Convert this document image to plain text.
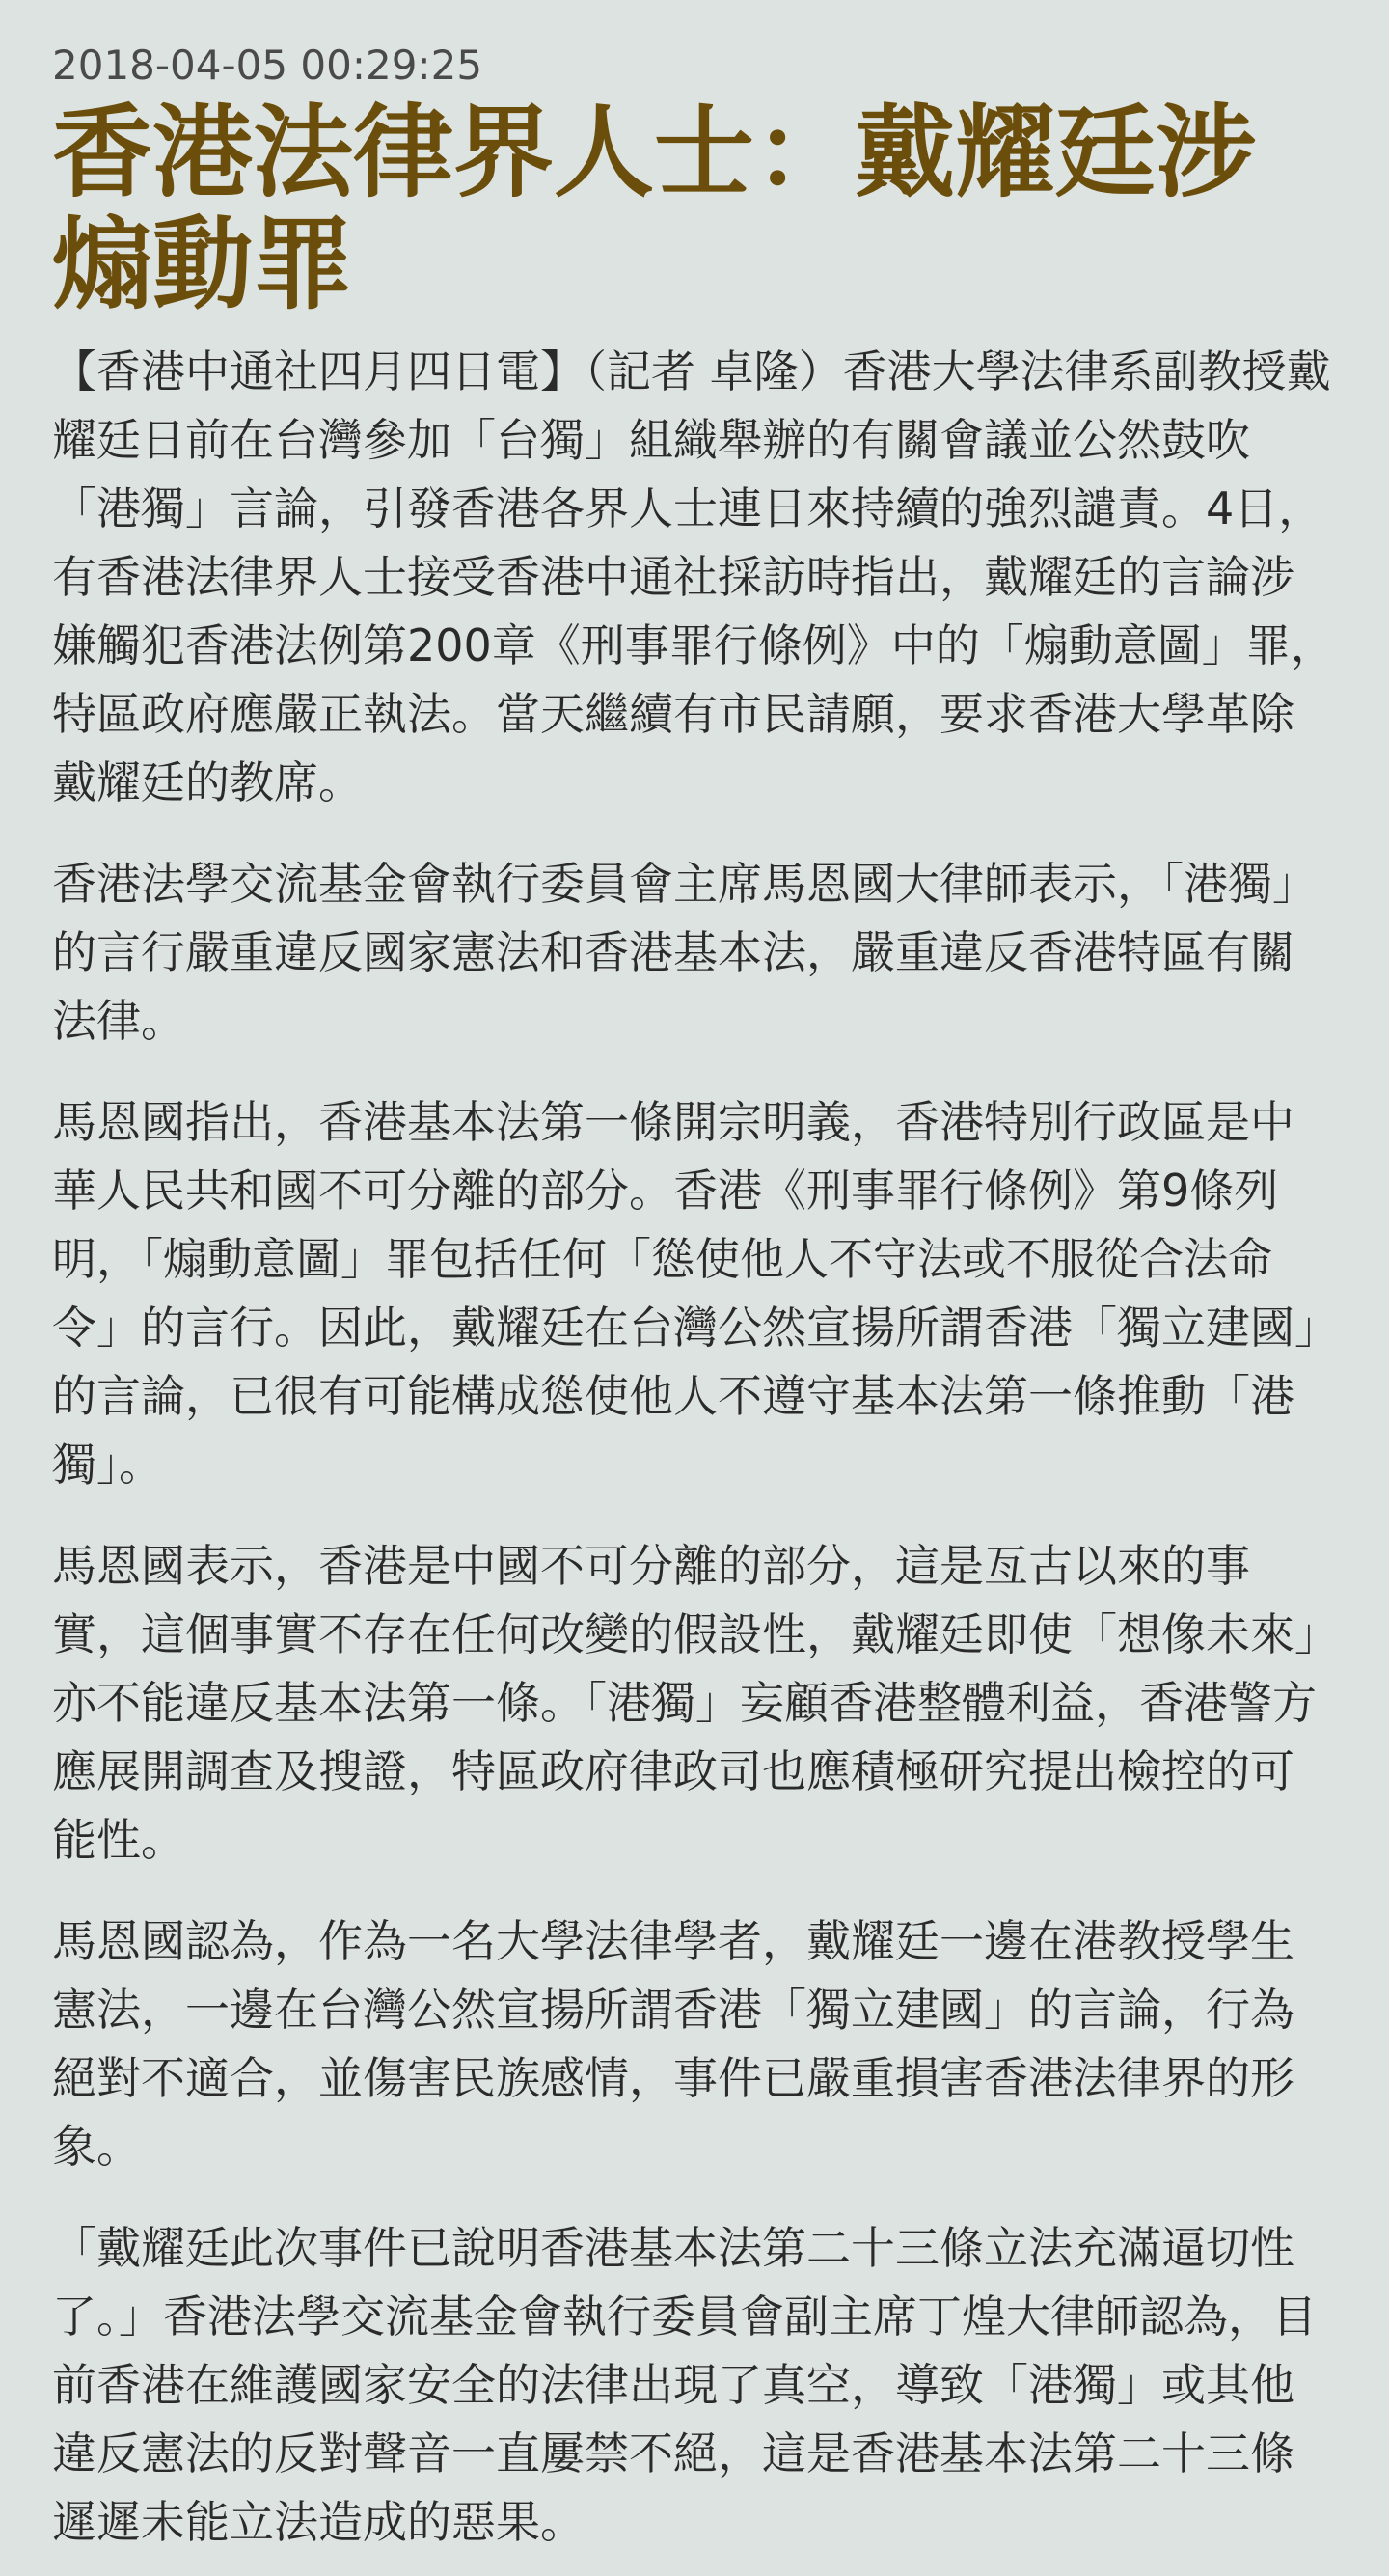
2018-04-05 00:29:25
香港法律界人士：戴耀廷涉煽動罪

【香港中通社四月四日電】（記者 卓隆）香港大學法律系副教授戴耀廷日前在台灣參加「台獨」組織舉辦的有關會議並公然鼓吹「港獨」言論，引發香港各界人士連日來持續的強烈譴責。4日，有香港法律界人士接受香港中通社採訪時指出，戴耀廷的言論涉嫌觸犯香港法例第200章《刑事罪行條例》中的「煽動意圖」罪，特區政府應嚴正執法。當天繼續有市民請願，要求香港大學革除戴耀廷的教席。

香港法學交流基金會執行委員會主席馬恩國大律師表示，「港獨」的言行嚴重違反國家憲法和香港基本法，嚴重違反香港特區有關法律。

馬恩國指出，香港基本法第一條開宗明義，香港特別行政區是中華人民共和國不可分離的部分。香港《刑事罪行條例》第9條列明，「煽動意圖」罪包括任何「慫使他人不守法或不服從合法命令」的言行。因此，戴耀廷在台灣公然宣揚所謂香港「獨立建國」的言論，已很有可能構成慫使他人不遵守基本法第一條推動「港獨」。

馬恩國表示，香港是中國不可分離的部分，這是亙古以來的事實，這個事實不存在任何改變的假設性，戴耀廷即使「想像未來」亦不能違反基本法第一條。「港獨」妄顧香港整體利益，香港警方應展開調查及搜證，特區政府律政司也應積極研究提出檢控的可能性。

馬恩國認為，作為一名大學法律學者，戴耀廷一邊在港教授學生憲法，一邊在台灣公然宣揚所謂香港「獨立建國」的言論，行為絕對不適合，並傷害民族感情，事件已嚴重損害香港法律界的形象。

「戴耀廷此次事件已說明香港基本法第二十三條立法充滿逼切性了。」香港法學交流基金會執行委員會副主席丁煌大律師認為，目前香港在維護國家安全的法律出現了真空，導致「港獨」或其他違反憲法的反對聲音一直屢禁不絕，這是香港基本法第二十三條遲遲未能立法造成的惡果。
